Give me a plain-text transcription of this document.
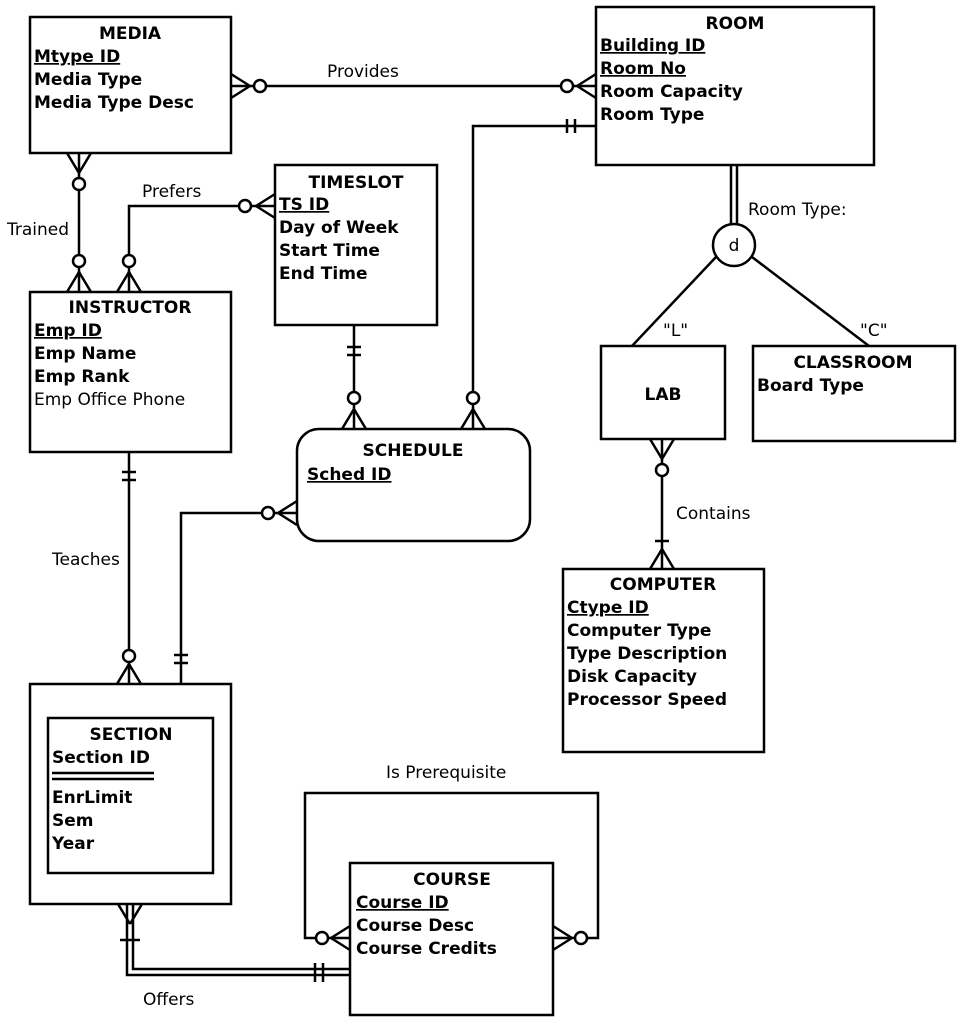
MEDIA
Mtype ID
Media Type
Media Type Desc
ROOM
Building ID
Room No
Room Capacity
Room Type
TIMESLOT
TS ID
Day of Week
Start Time
End Time
INSTRUCTOR
Emp ID
Emp Name
Emp Rank
Emp Office Phone
SCHEDULE
Sched ID
LAB
CLASSROOM
Board Type
COMPUTER
Ctype ID
Computer Type
Type Description
Disk Capacity
Processor Speed
SECTION
Section ID
EnrLimit
Sem
Year
COURSE
Course ID
Course Desc
Course Credits
Provides
Prefers
Trained
Teaches
Contains
Is Prerequisite
Offers
Room Type:
d
"L"	"C"
